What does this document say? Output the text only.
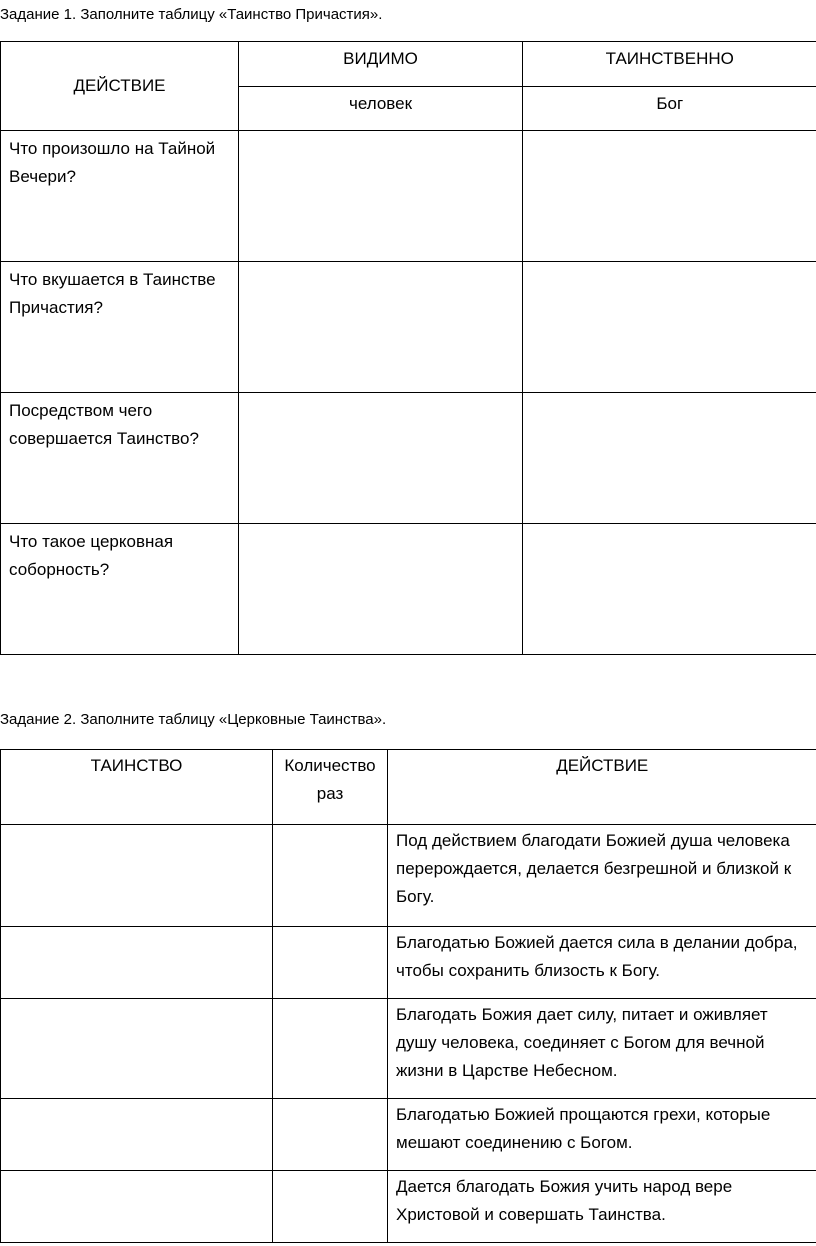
Задание 1. Заполните таблицу «Таинство Причастия».
ДЕЙСТВИЕ	ВИДИМО	ТАИНСТВЕННО
	человек	Бог
Что произошло на Тайной Вечери?		
Что вкушается в Таинстве Причастия?		
Посредством чего совершается Таинство?		
Что такое церковная соборность?		
Задание 2. Заполните таблицу «Церковные Таинства».
ТАИНСТВО	Количество раз	ДЕЙСТВИЕ
		Под действием благодати Божией душа человека перерождается, делается безгрешной и близкой к Богу.
		Благодатью Божией дается сила в делании добра, чтобы сохранить близость к Богу.
		Благодать Божия дает силу, питает и оживляет душу человека, соединяет с Богом для вечной жизни в Царстве Небесном.
		Благодатью Божией прощаются грехи, которые мешают соединению с Богом.
		Дается благодать Божия учить народ вере Христовой и совершать Таинства.
